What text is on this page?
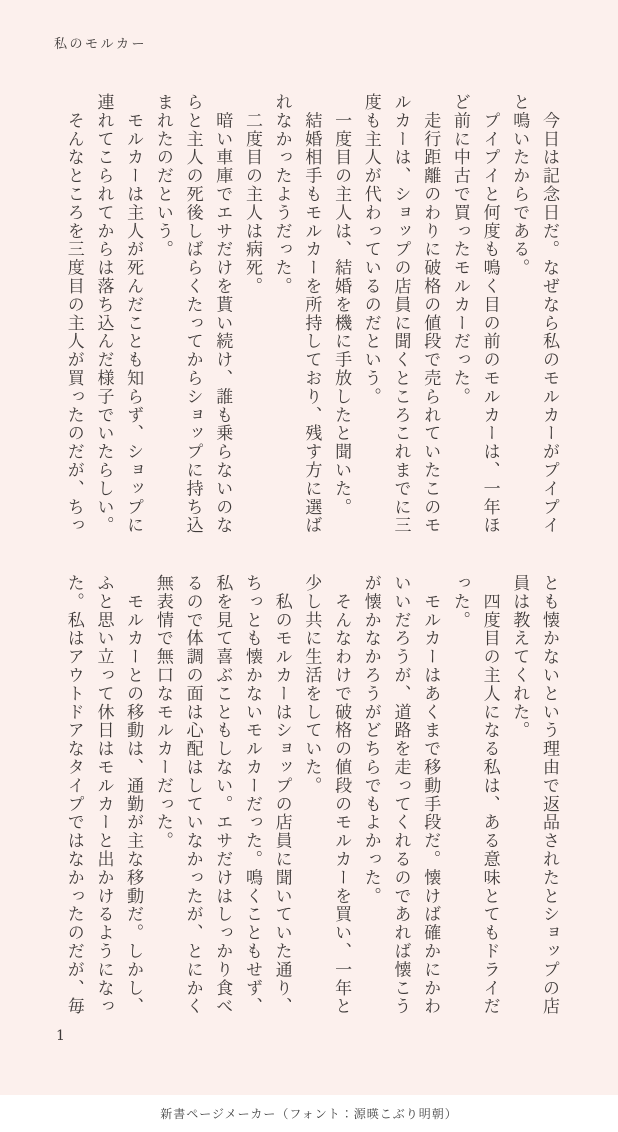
私のモルカー

　今日は記念日だ。なぜなら私のモルカーがプイプイ

と鳴いたからである。

　プイプイと何度も鳴く目の前のモルカーは、一年ほ

ど前に中古で買ったモルカーだった。

　走行距離のわりに破格の値段で売られていたこのモ

ルカーは、ショップの店員に聞くところこれまでに三

度も主人が代わっているのだという。

　一度目の主人は、結婚を機に手放したと聞いた。

　結婚相手もモルカーを所持しており、残す方に選ば

れなかったようだった。

　二度目の主人は病死。

　暗い車庫でエサだけを貰い続け、誰も乗らないのな

らと主人の死後しばらくたってからショップに持ち込

まれたのだという。

　モルカーは主人が死んだことも知らず、ショップに

連れてこられてからは落ち込んだ様子でいたらしい。

　そんなところを三度目の主人が買ったのだが、ちっ

とも懐かないという理由で返品されたとショップの店

員は教えてくれた。

　四度目の主人になる私は、ある意味とてもドライだ

った。

　モルカーはあくまで移動手段だ。懐けば確かにかわ

いいだろうが、道路を走ってくれるのであれば懐こう

が懐かなかろうがどちらでもよかった。

　そんなわけで破格の値段のモルカーを買い、一年と

少し共に生活をしていた。

　私のモルカーはショップの店員に聞いていた通り、

ちっとも懐かないモルカーだった。鳴くこともせず、

私を見て喜ぶこともしない。エサだけはしっかり食べ

るので体調の面は心配はしていなかったが、とにかく

無表情で無口なモルカーだった。

　モルカーとの移動は、通勤が主な移動だ。しかし、

ふと思い立って休日はモルカーと出かけるようになっ

た。私はアウトドアなタイプではなかったのだが、毎

1
新書ページメーカー（フォント：源暎こぶり明朝）
